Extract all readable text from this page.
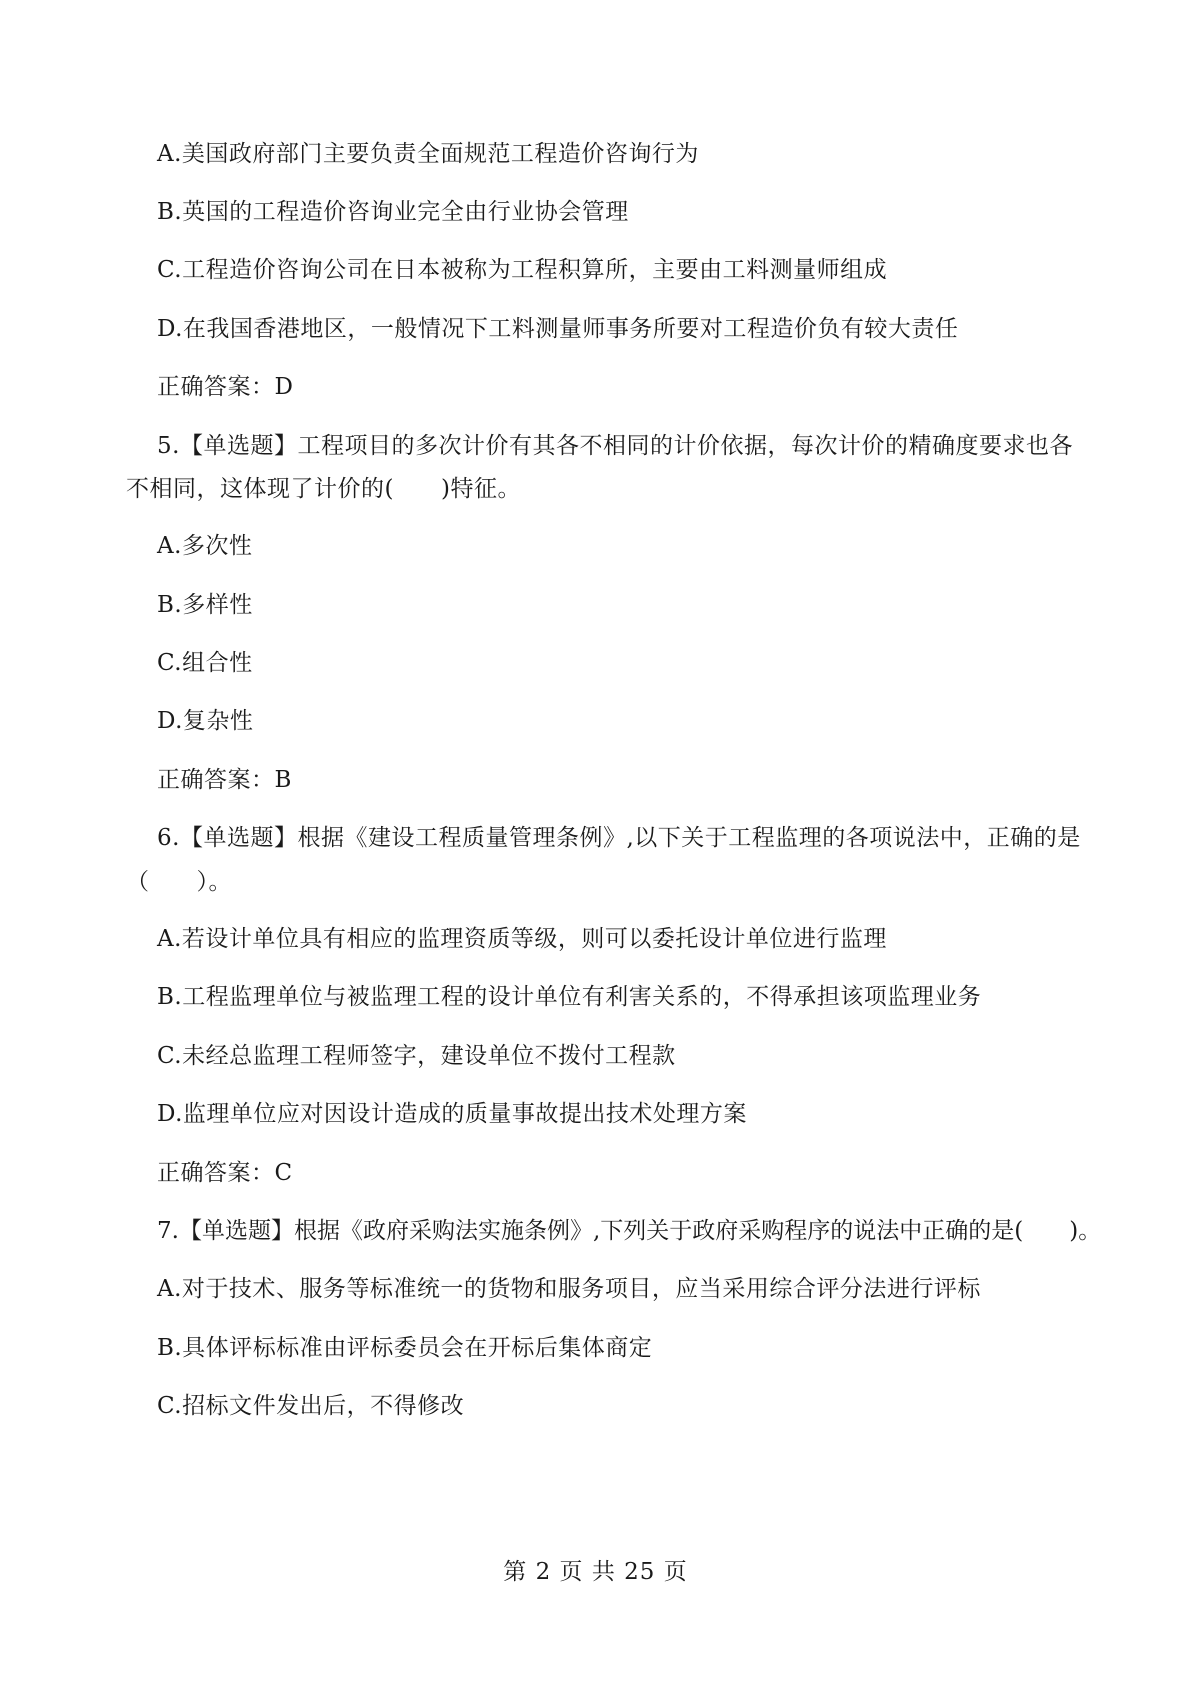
A.美国政府部门主要负责全面规范工程造价咨询行为
B.英国的工程造价咨询业完全由行业协会管理
C.工程造价咨询公司在日本被称为工程积算所，主要由工料测量师组成
D.在我国香港地区，一般情况下工料测量师事务所要对工程造价负有较大责任
正确答案：D
5.【单选题】工程项目的多次计价有其各不相同的计价依据，每次计价的精确度要求也各
不相同，这体现了计价的(　　)特征。
A.多次性
B.多样性
C.组合性
D.复杂性
正确答案：B
6.【单选题】根据《建设工程质量管理条例》,以下关于工程监理的各项说法中，正确的是
（　　）。
A.若设计单位具有相应的监理资质等级，则可以委托设计单位进行监理
B.工程监理单位与被监理工程的设计单位有利害关系的，不得承担该项监理业务
C.未经总监理工程师签字，建设单位不拨付工程款
D.监理单位应对因设计造成的质量事故提出技术处理方案
正确答案：C
7.【单选题】根据《政府采购法实施条例》,下列关于政府采购程序的说法中正确的是(　　)。
A.对于技术、服务等标准统一的货物和服务项目，应当采用综合评分法进行评标
B.具体评标标准由评标委员会在开标后集体商定
C.招标文件发出后，不得修改
第 2 页 共 25 页
